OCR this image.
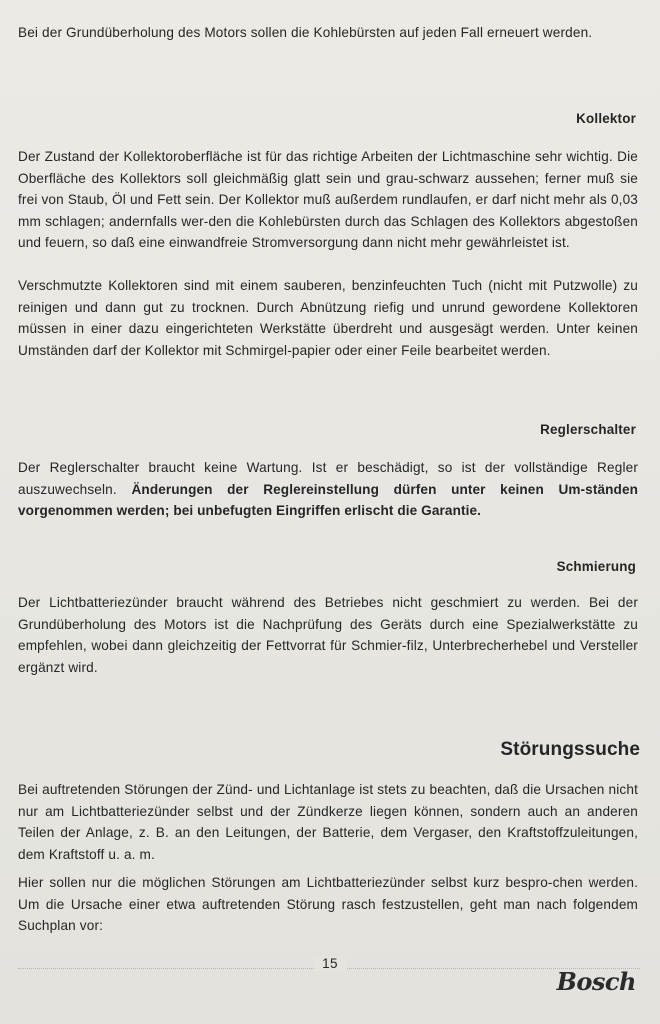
Bei der Grundüberholung des Motors sollen die Kohlebürsten auf jeden Fall erneuert werden.

Kollektor

Der Zustand der Kollektoroberfläche ist für das richtige Arbeiten der Lichtmaschine sehr wichtig. Die Oberfläche des Kollektors soll gleichmäßig glatt sein und grau-schwarz aussehen; ferner muß sie frei von Staub, Öl und Fett sein. Der Kollektor muß außerdem rundlaufen, er darf nicht mehr als 0,03 mm schlagen; andernfalls wer-den die Kohlebürsten durch das Schlagen des Kollektors abgestoßen und feuern, so daß eine einwandfreie Stromversorgung dann nicht mehr gewährleistet ist.

Verschmutzte Kollektoren sind mit einem sauberen, benzinfeuchten Tuch (nicht mit Putzwolle) zu reinigen und dann gut zu trocknen. Durch Abnützung riefig und unrund gewordene Kollektoren müssen in einer dazu eingerichteten Werkstätte überdreht und ausgesägt werden. Unter keinen Umständen darf der Kollektor mit Schmirgel-papier oder einer Feile bearbeitet werden.

Reglerschalter

Der Reglerschalter braucht keine Wartung. Ist er beschädigt, so ist der vollständige Regler auszuwechseln. Änderungen der Reglereinstellung dürfen unter keinen Um-ständen vorgenommen werden; bei unbefugten Eingriffen erlischt die Garantie.

Schmierung

Der Lichtbatteriezünder braucht während des Betriebes nicht geschmiert zu werden. Bei der Grundüberholung des Motors ist die Nachprüfung des Geräts durch eine Spezialwerkstätte zu empfehlen, wobei dann gleichzeitig der Fettvorrat für Schmier-filz, Unterbrecherhebel und Versteller ergänzt wird.

Störungssuche

Bei auftretenden Störungen der Zünd- und Lichtanlage ist stets zu beachten, daß die Ursachen nicht nur am Lichtbatteriezünder selbst und der Zündkerze liegen können, sondern auch an anderen Teilen der Anlage, z. B. an den Leitungen, der Batterie, dem Vergaser, den Kraftstoffzuleitungen, dem Kraftstoff u. a. m.

Hier sollen nur die möglichen Störungen am Lichtbatteriezünder selbst kurz bespro-chen werden. Um die Ursache einer etwa auftretenden Störung rasch festzustellen, geht man nach folgendem Suchplan vor:

15
Bosch
